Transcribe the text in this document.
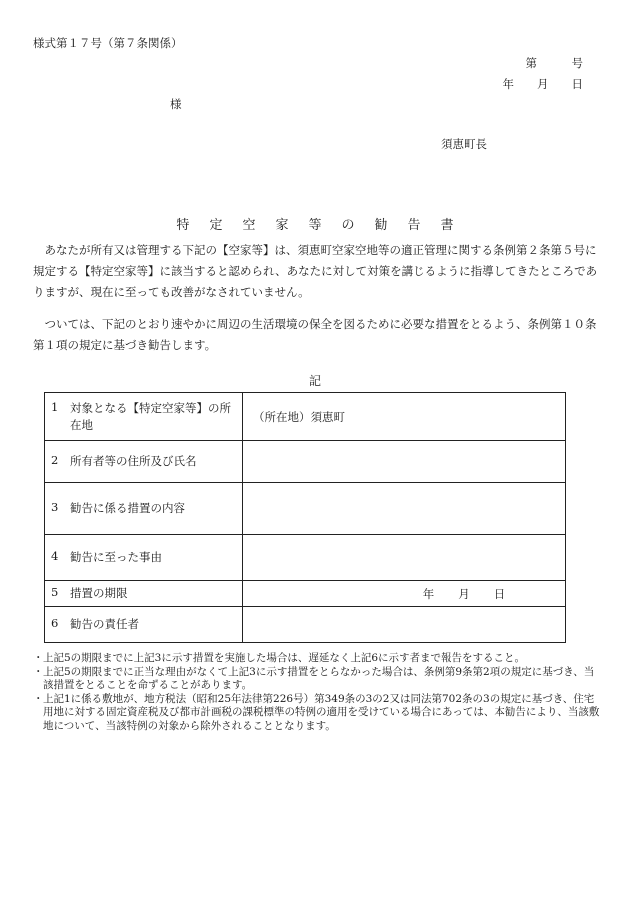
様式第１７号（第７条関係）
第　　　号
年　　月　　日
様
須恵町長
特 定 空 家 等 の 勧 告 書
　あなたが所有又は管理する下記の【空家等】は、須恵町空家空地等の適正管理に関する条例第２条第５号に規定する【特定空家等】に該当すると認められ、あなたに対して対策を講じるように指導してきたところでありますが、現在に至っても改善がなされていません。
　ついては、下記のとおり速やかに周辺の生活環境の保全を図るために必要な措置をとるよう、条例第１０条第１項の規定に基づき勧告します。
記
1 対象となる【特定空家等】の所在地	（所在地）須恵町

2 所有者等の住所及び氏名	

3 勧告に係る措置の内容	

4 勧告に至った事由	

5 措置の期限	年 月 日

6 勧告の責任者	

・ 上記5の期限までに上記3に示す措置を実施した場合は、遅延なく上記6に示す者まで報告をすること。
・ 上記5の期限までに正当な理由がなくて上記3に示す措置をとらなかった場合は、条例第9条第2項の規定に基づき、当該措置をとることを命ずることがあります。
・ 上記1に係る敷地が、地方税法（昭和25年法律第226号）第349条の3の2又は同法第702条の3の規定に基づき、住宅用地に対する固定資産税及び都市計画税の課税標準の特例の適用を受けている場合にあっては、本勧告により、当該敷地について、当該特例の対象から除外されることとなります。
